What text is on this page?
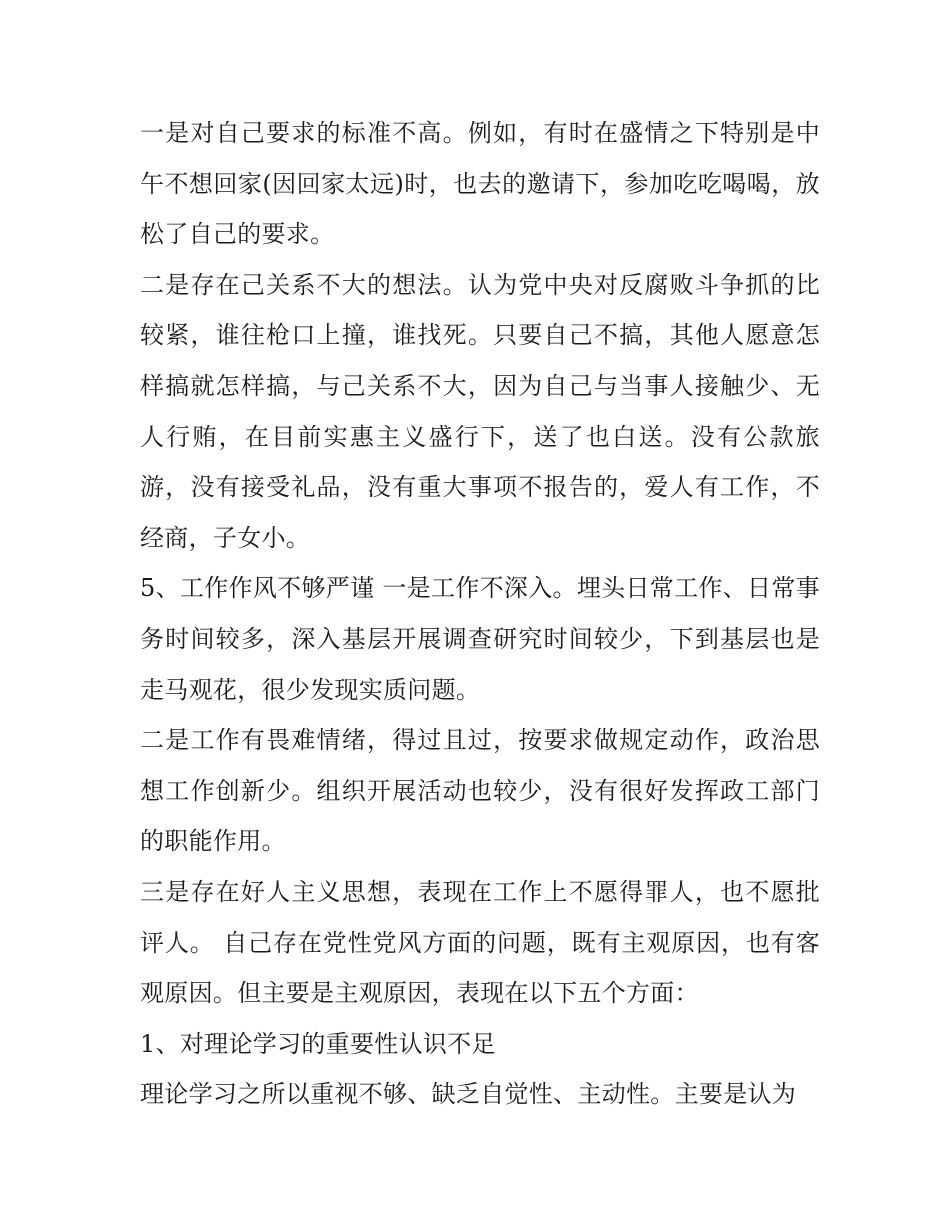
一是对自己要求的标准不高。例如，有时在盛情之下特别是中午不想回家(因回家太远)时，也去的邀请下，参加吃吃喝喝，放松了自己的要求。

二是存在己关系不大的想法。认为党中央对反腐败斗争抓的比较紧，谁往枪口上撞，谁找死。只要自己不搞，其他人愿意怎样搞就怎样搞，与己关系不大，因为自己与当事人接触少、无人行贿，在目前实惠主义盛行下，送了也白送。没有公款旅游，没有接受礼品，没有重大事项不报告的，爱人有工作，不经商，子女小。

5、工作作风不够严谨 一是工作不深入。埋头日常工作、日常事务时间较多，深入基层开展调查研究时间较少，下到基层也是走马观花，很少发现实质问题。

二是工作有畏难情绪，得过且过，按要求做规定动作，政治思想工作创新少。组织开展活动也较少，没有很好发挥政工部门的职能作用。

三是存在好人主义思想，表现在工作上不愿得罪人，也不愿批评人。 自己存在党性党风方面的问题，既有主观原因，也有客观原因。但主要是主观原因，表现在以下五个方面：

1、对理论学习的重要性认识不足

理论学习之所以重视不够、缺乏自觉性、主动性。主要是认为
